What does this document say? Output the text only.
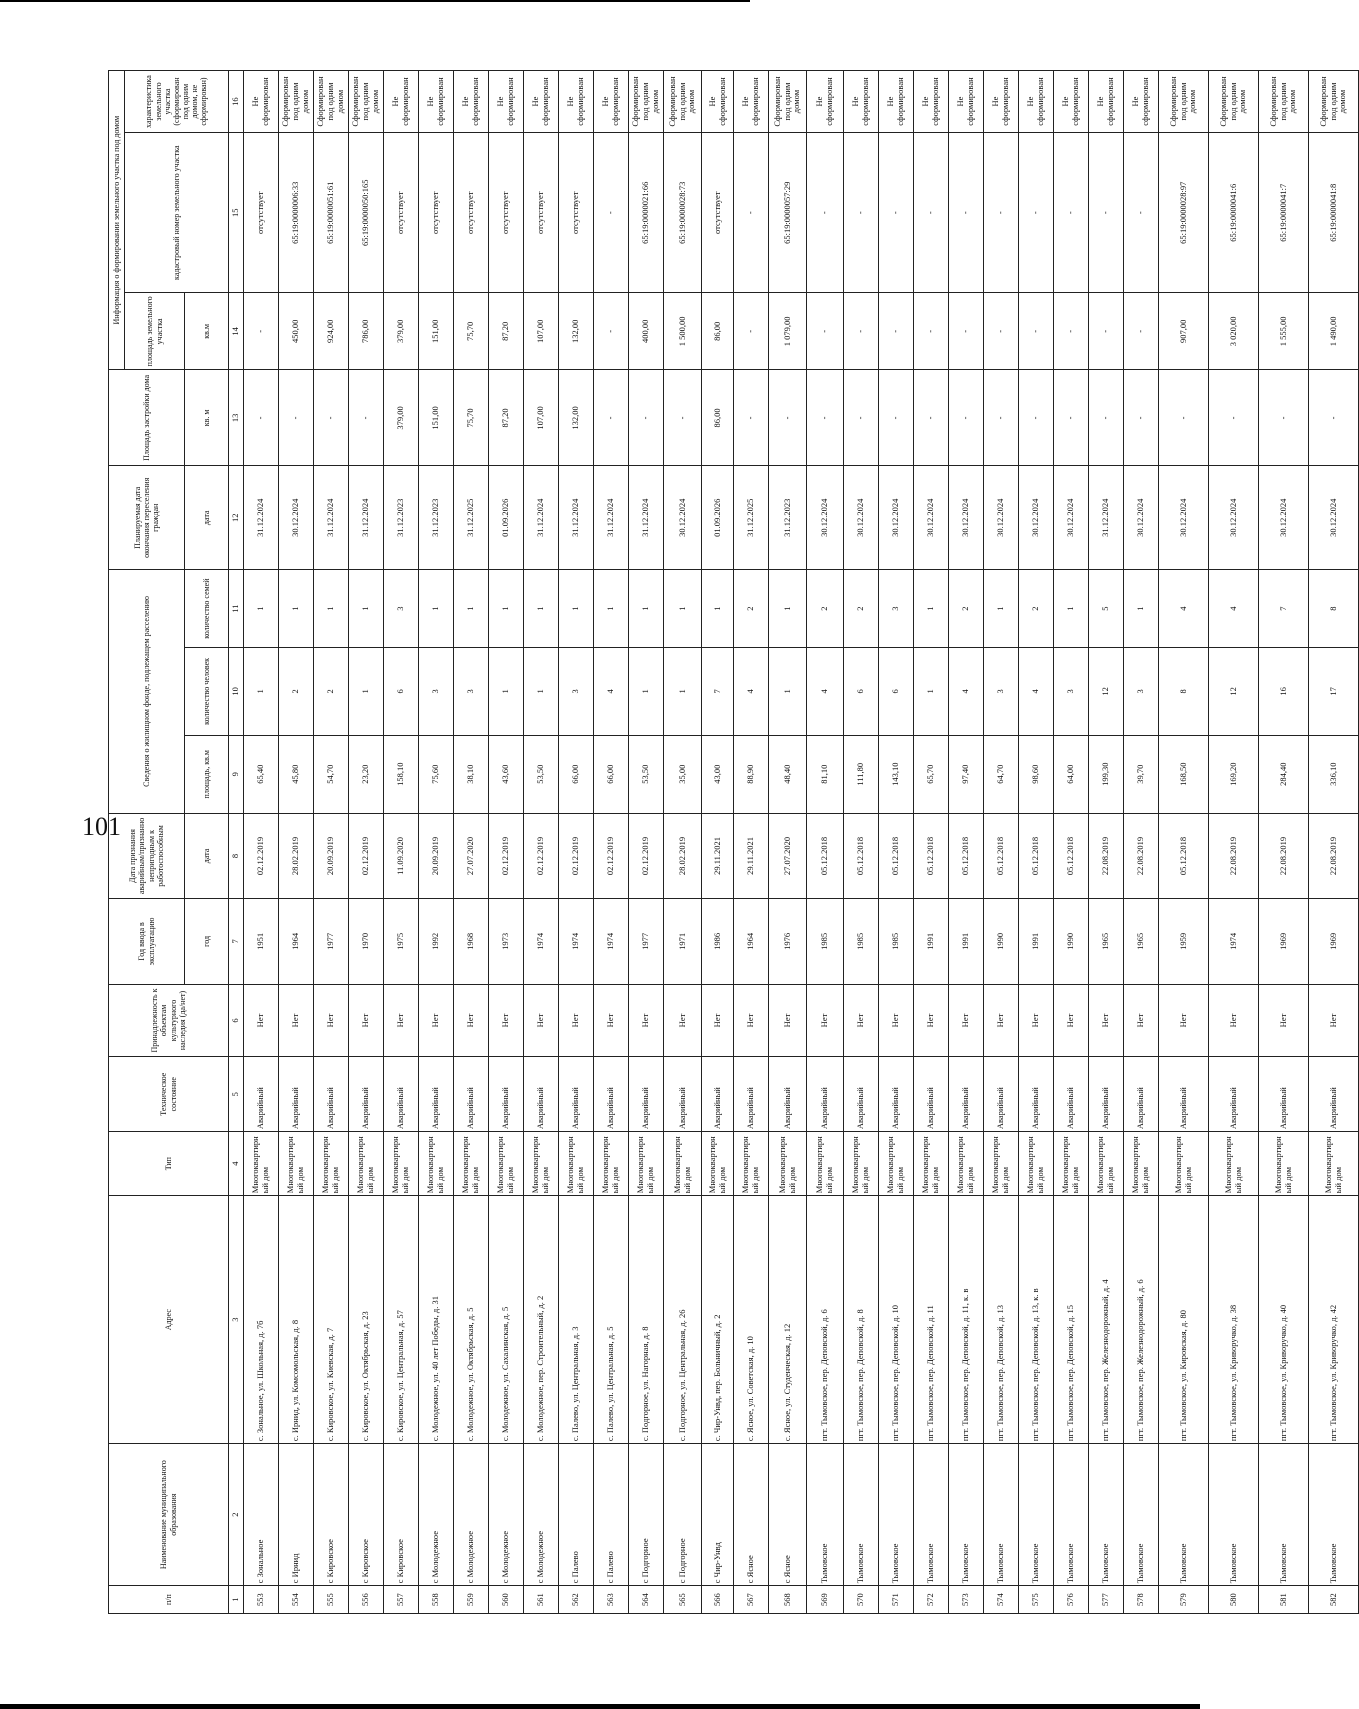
101
п/п	Наименование муниципального образования	Адрес	Тип	Техническое состояние	Принадлежность к объектам культурного наследия (да/нет)	Год ввода в эксплуатацию	Дата признания аварийным/признанно непригодным к работоспособным	Сведения о жилищном фонде, подлежащем расселению			Планируемая дата окончания переселения граждан	Площадь застройки дома	Информация о формировании земельного участка под домом		
													площадь земельного участка	кадастровый номер земельного участка	характеристика земельного участка (сформирован под одним домом, не сформирован)
						год	дата	площадь, кв.м	количество человек	количество семей	дата	кв. м	кв.м		
1	2	3	4	5	6	7	8	9	10	11	12	13	14	15	16
553	с Зональное	с. Зональное, ул. Школьная, д. 7б	Многоквартирный дом	Аварийный	Нет	1951	02.12.2019	65,40	1	1	31.12.2024	-	-	отсутствует	Не сформирован
554	с Ирнид	с. Ирнид, ул. Комсомольская, д. 8	Многоквартирный дом	Аварийный	Нет	1964	28.02.2019	45,80	2	1	30.12.2024	-	450,00	65:19:0000006:33	Сформирован под одним домом
555	с Кировское	с. Кировское, ул. Киевская, д. 7	Многоквартирный дом	Аварийный	Нет	1977	20.09.2019	54,70	2	1	31.12.2024	-	924,00	65:19:0000051:61	Сформирован под одним домом
556	с Кировское	с. Кировское, ул. Октябрьская, д. 23	Многоквартирный дом	Аварийный	Нет	1970	02.12.2019	23,20	1	1	31.12.2024	-	786,00	65:19:0000050:165	Сформирован под одним домом
557	с Кировское	с. Кировское, ул. Центральная, д. 57	Многоквартирный дом	Аварийный	Нет	1975	11.09.2020	158,10	6	3	31.12.2023	379,00	379,00	отсутствует	Не сформирован
558	с Молодежное	с. Молодежное, ул. 40 лет Победы, д. 31	Многоквартирный дом	Аварийный	Нет	1992	20.09.2019	75,60	3	1	31.12.2023	151,00	151,00	отсутствует	Не сформирован
559	с Молодежное	с. Молодежное, ул. Октябрьская, д. 5	Многоквартирный дом	Аварийный	Нет	1968	27.07.2020	38,10	3	1	31.12.2025	75,70	75,70	отсутствует	Не сформирован
560	с Молодежное	с. Молодежное, ул. Сахалинская, д. 5	Многоквартирный дом	Аварийный	Нет	1973	02.12.2019	43,60	1	1	01.09.2026	87,20	87,20	отсутствует	Не сформирован
561	с Молодежное	с. Молодежное, пер. Строительный, д. 2	Многоквартирный дом	Аварийный	Нет	1974	02.12.2019	53,50	1	1	31.12.2024	107,00	107,00	отсутствует	Не сформирован
562	с Палево	с. Палево, ул. Центральная, д. 3	Многоквартирный дом	Аварийный	Нет	1974	02.12.2019	66,00	3	1	31.12.2024	132,00	132,00	отсутствует	Не сформирован
563	с Палево	с. Палево, ул. Центральная, д. 5	Многоквартирный дом	Аварийный	Нет	1974	02.12.2019	66,00	4	1	31.12.2024	-	-	-	Не сформирован
564	с Подгорное	с. Подгорное, ул. Нагорная, д. 8	Многоквартирный дом	Аварийный	Нет	1977	02.12.2019	53,50	1	1	31.12.2024	-	400,00	65:19:0000021:66	Сформирован под одним домом
565	с Подгорное	с. Подгорное, ул. Центральная, д. 26	Многоквартирный дом	Аварийный	Нет	1971	28.02.2019	35,00	1	1	30.12.2024	-	1 500,00	65:19:0000028:73	Сформирован под одним домом
566	с Чир-Унвд	с. Чир-Унвд, пер. Больничный, д. 2	Многоквартирный дом	Аварийный	Нет	1986	29.11.2021	43,00	7	1	01.09.2026	86,00	86,00	отсутствует	Не сформирован
567	с Ясное	с. Ясное, ул. Советская, д. 10	Многоквартирный дом	Аварийный	Нет	1964	29.11.2021	88,90	4	2	31.12.2025	-	-	-	Не сформирован
568	с Ясное	с. Ясное, ул. Студенческая, д. 12	Многоквартирный дом	Аварийный	Нет	1976	27.07.2020	48,40	1	1	31.12.2023	-	1 079,00	65:19:0000057:29	Сформирован под одним домом
569	Тымовское	пгт. Тымовское, пер. Деповской, д. 6	Многоквартирный дом	Аварийный	Нет	1985	05.12.2018	81,10	4	2	30.12.2024	-	-	-	Не сформирован
570	Тымовское	пгт. Тымовское, пер. Деповской, д. 8	Многоквартирный дом	Аварийный	Нет	1985	05.12.2018	111,80	6	2	30.12.2024	-	-	-	Не сформирован
571	Тымовское	пгт. Тымовское, пер. Деповской, д. 10	Многоквартирный дом	Аварийный	Нет	1985	05.12.2018	143,10	6	3	30.12.2024	-	-	-	Не сформирован
572	Тымовское	пгт. Тымовское, пер. Деповской, д. 11	Многоквартирный дом	Аварийный	Нет	1991	05.12.2018	65,70	1	1	30.12.2024	-	-	-	Не сформирован
573	Тымовское	пгт. Тымовское, пер. Деповской, д. 11, к. в	Многоквартирный дом	Аварийный	Нет	1991	05.12.2018	97,40	4	2	30.12.2024	-	-	-	Не сформирован
574	Тымовское	пгт. Тымовское, пер. Деповской, д. 13	Многоквартирный дом	Аварийный	Нет	1990	05.12.2018	64,70	3	1	30.12.2024	-	-	-	Не сформирован
575	Тымовское	пгт. Тымовское, пер. Деповской, д. 13, к. в	Многоквартирный дом	Аварийный	Нет	1991	05.12.2018	98,60	4	2	30.12.2024	-	-	-	Не сформирован
576	Тымовское	пгт. Тымовское, пер. Деповской, д. 15	Многоквартирный дом	Аварийный	Нет	1990	05.12.2018	64,00	3	1	30.12.2024	-	-	-	Не сформирован
577	Тымовское	пгт. Тымовское, пер. Железнодорожный, д. 4	Многоквартирный дом	Аварийный	Нет	1965	22.08.2019	199,30	12	5	31.12.2024	-	-	-	Не сформирован
578	Тымовское	пгт. Тымовское, пер. Железнодорожный, д. 6	Многоквартирный дом	Аварийный	Нет	1965	22.08.2019	39,70	3	1	30.12.2024	-	-	-	Не сформирован
579	Тымовское	пгт. Тымовское, ул. Кировская, д. 80	Многоквартирный дом	Аварийный	Нет	1959	05.12.2018	168,50	8	4	30.12.2024	-	907,00	65:19:0000028:97	Сформирован под одним домом
580	Тымовское	пгт. Тымовское, ул. Криворучко, д. 38	Многоквартирный дом	Аварийный	Нет	1974	22.08.2019	169,20	12	4	30.12.2024	-	3 020,00	65:19:0000041:6	Сформирован под одним домом
581	Тымовское	пгт. Тымовское, ул. Криворучко, д. 40	Многоквартирный дом	Аварийный	Нет	1969	22.08.2019	284,40	16	7	30.12.2024	-	1 555,00	65:19:0000041:7	Сформирован под одним домом
582	Тымовское	пгт. Тымовское, ул. Криворучко, д. 42	Многоквартирный дом	Аварийный	Нет	1969	22.08.2019	336,10	17	8	30.12.2024	-	1 490,00	65:19:0000041:8	Сформирован под одним домом
